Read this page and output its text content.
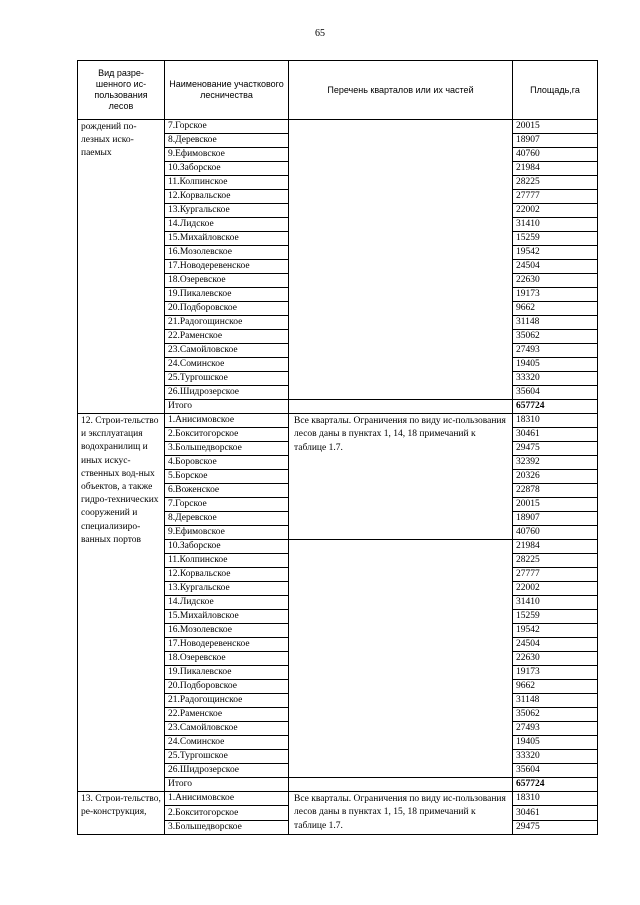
65
Вид разре-шенного ис-пользования лесов	Наименование участкового лесничества	Перечень кварталов или их частей	Площадь,га
рождений по-лезных иско-паемых	7.Горское		20015
	8.Деревское		18907
	9.Ефимовское		40760
	10.Заборское		21984
	11.Колпинское		28225
	12.Корвальское		27777
	13.Кургальское		22002
	14.Лидское		31410
	15.Михайловское		15259
	16.Мозолевское		19542
	17.Новодеревенское		24504
	18.Озеревское		22630
	19.Пикалевское		19173
	20.Подборовское		9662
	21.Радогощинское		31148
	22.Раменское		35062
	23.Самойловское		27493
	24.Соминское		19405
	25.Тургошское		33320
	26.Шидрозерское		35604
	Итого		657724
12. Строи-тельство и эксплуатация водохранилищ и иных искус-ственных вод-ных объектов, а также гидро-технических сооружений и специализиро-ванных портов	1.Анисимовское	Все кварталы. Ограничения по виду ис-пользования лесов даны в пунктах 1, 14, 18 примечаний к таблице 1.7.	18310
	2.Бокситогорское		30461
	3.Большедворское		29475
	4.Боровское		32392
	5.Борское		20326
	6.Воженское		22878
	7.Горское		20015
	8.Деревское		18907
	9.Ефимовское		40760
	10.Заборское		21984
	11.Колпинское		28225
	12.Корвальское		27777
	13.Кургальское		22002
	14.Лидское		31410
	15.Михайловское		15259
	16.Мозолевское		19542
	17.Новодеревенское		24504
	18.Озеревское		22630
	19.Пикалевское		19173
	20.Подборовское		9662
	21.Радогощинское		31148
	22.Раменское		35062
	23.Самойловское		27493
	24.Соминское		19405
	25.Тургошское		33320
	26.Шидрозерское		35604
	Итого		657724
13. Строи-тельство, ре-конструкция,	1.Анисимовское	Все кварталы. Ограничения по виду ис-пользования лесов даны в пунктах 1, 15, 18 примечаний к таблице 1.7.	18310
	2.Бокситогорское		30461
	3.Большедворское		29475
